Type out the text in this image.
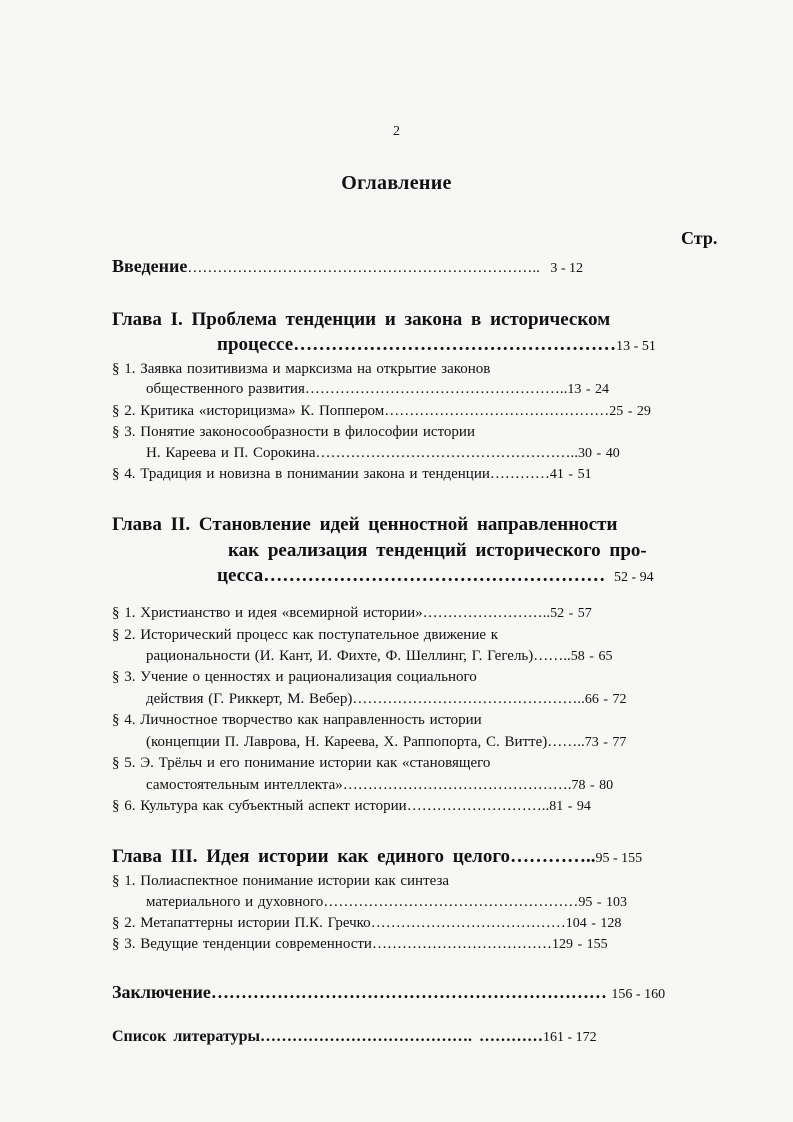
2
Оглавление
Стр.
Введение…………………………………………………………….. 3 - 12
Глава I. Проблема тенденции и закона в историческом
процессе……………………………………………13 - 51
§ 1. Заявка позитивизма и марксизма на открытие законов
общественного развития……………………………………………..13 - 24
§ 2. Критика «историцизма» К. Поппером………………………………………25 - 29
§ 3. Понятие законосообразности в философии истории
Н. Кареева и П. Сорокина……………………………………………..30 - 40
§ 4. Традиция и новизна в понимании закона и тенденции…………41 - 51
Глава II. Становление идей ценностной направленности
как реализация тенденций исторического про-
цесса……………………………………………… 52 - 94
§ 1. Христианство и идея «всемирной истории»……………………..52 - 57
§ 2. Исторический процесс как поступательное движение к
рациональности (И. Кант, И. Фихте, Ф. Шеллинг, Г. Гегель)……..58 - 65
§ 3. Учение о ценностях и рационализация социального
действия (Г. Риккерт, М. Вебер)………………………………………..66 - 72
§ 4. Личностное творчество как направленность истории
(концепции П. Лаврова, Н. Кареева, Х. Раппопорта, С. Витте)……..73 - 77
§ 5. Э. Трёльч и его понимание истории как «становящего
самостоятельным интеллекта»……………………………………….78 - 80
§ 6. Культура как субъектный аспект истории………………………..81 - 94
Глава III. Идея истории как единого целого…………..95 - 155
§ 1. Полиаспектное понимание истории как синтеза
материального и духовного……………………………………………95 - 103
§ 2. Метапаттерны истории П.К. Гречко…………………………………104 - 128
§ 3. Ведущие тенденции современности………………………………129 - 155
Заключение………………………………………………………… 156 - 160
Список литературы…………………………………. …………161 - 172
